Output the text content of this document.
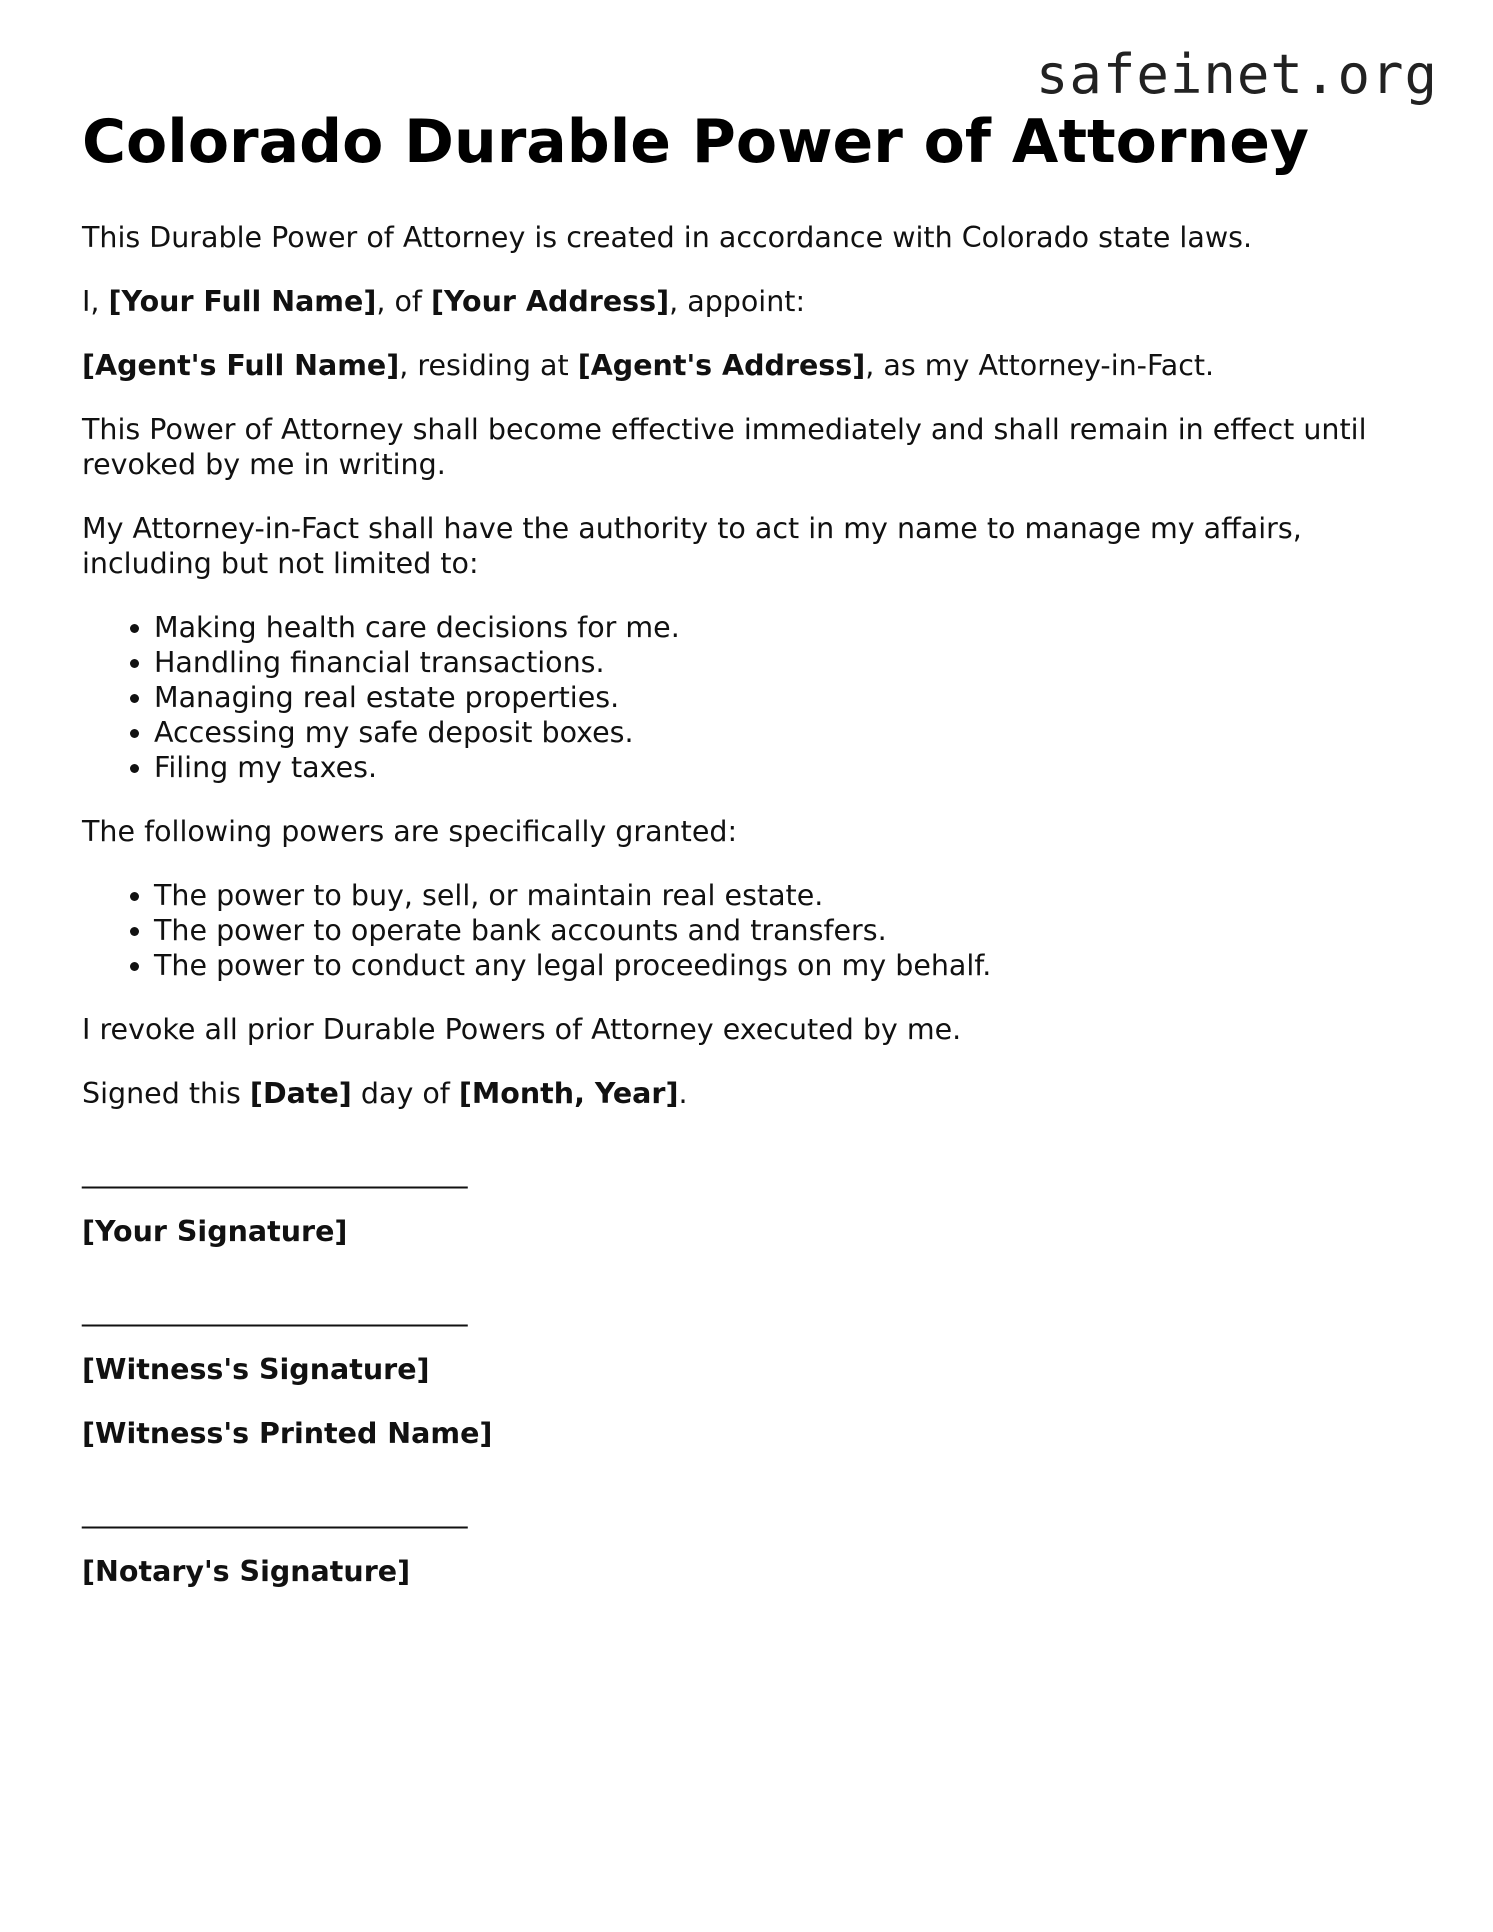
safeinet.org
Colorado Durable Power of Attorney

This Durable Power of Attorney is created in accordance with Colorado state laws.

I, [Your Full Name], of [Your Address], appoint:

[Agent's Full Name], residing at [Agent's Address], as my Attorney-in-Fact.

This Power of Attorney shall become effective immediately and shall remain in effect until revoked by me in writing.

My Attorney-in-Fact shall have the authority to act in my name to manage my affairs, including but not limited to:

• Making health care decisions for me.
• Handling financial transactions.
• Managing real estate properties.
• Accessing my safe deposit boxes.
• Filing my taxes.

The following powers are specifically granted:

• The power to buy, sell, or maintain real estate.
• The power to operate bank accounts and transfers.
• The power to conduct any legal proceedings on my behalf.

I revoke all prior Durable Powers of Attorney executed by me.

Signed this [Date] day of [Month, Year].

____________________________
[Your Signature]
____________________________
[Witness's Signature]
[Witness's Printed Name]
____________________________
[Notary's Signature]
